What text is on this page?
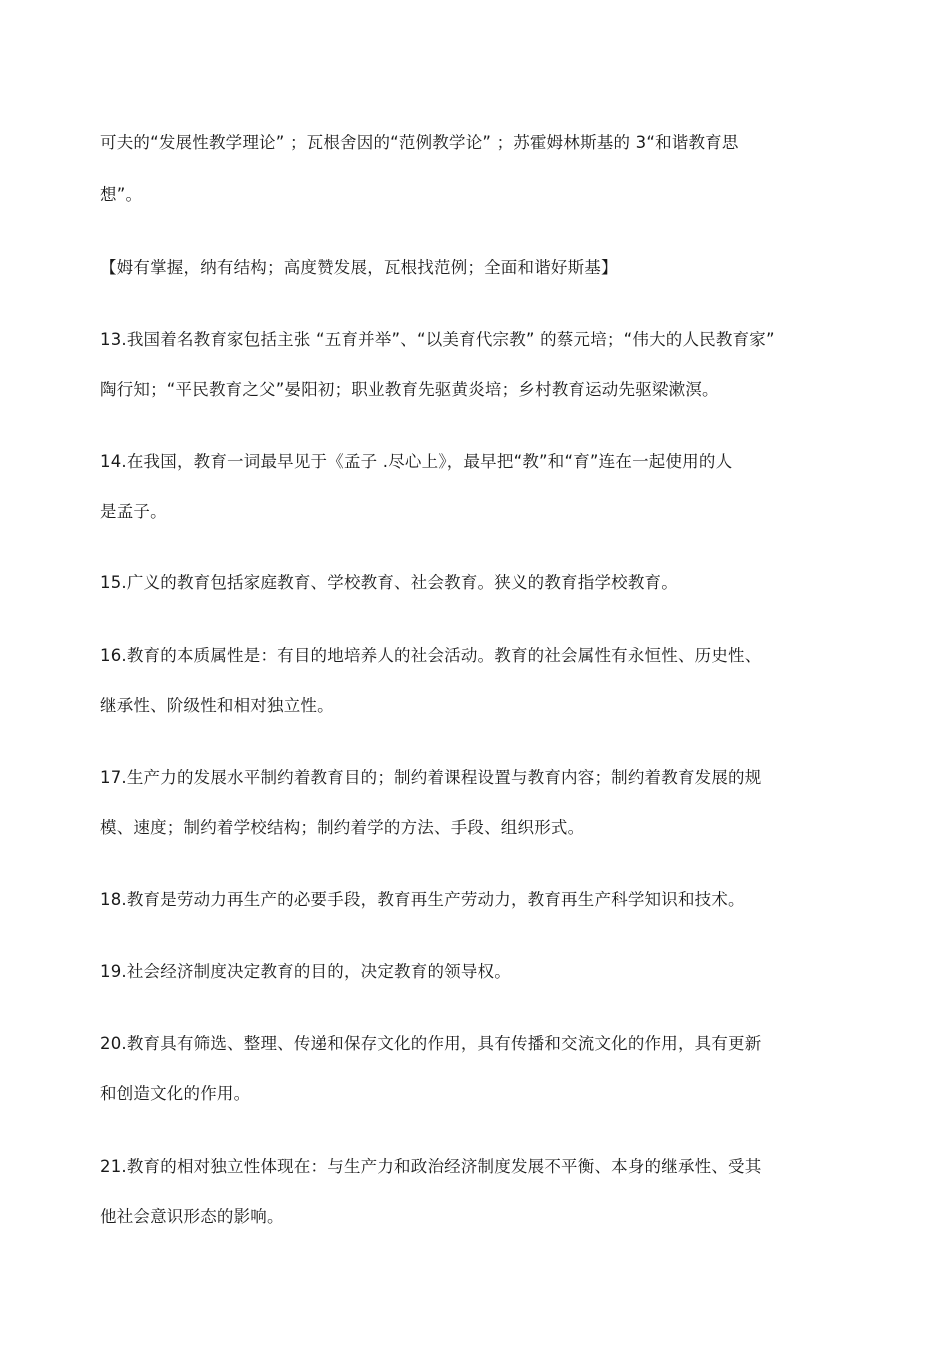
可夫的“发展性教学理论” ；瓦根舍因的“范例教学论” ；苏霍姆林斯基的 3“和谐教育思
想”。
【姆有掌握，纳有结构；高度赞发展，瓦根找范例；全面和谐好斯基】
13.我国着名教育家包括主张 “五育并举”、“以美育代宗教” 的蔡元培；“伟大的人民教育家”
陶行知；“平民教育之父”晏阳初；职业教育先驱黄炎培；乡村教育运动先驱梁漱溟。
14.在我国，教育一词最早见于《孟子 .尽心上》，最早把“教”和“育”连在一起使用的人
是孟子。
15.广义的教育包括家庭教育、学校教育、社会教育。狭义的教育指学校教育。
16.教育的本质属性是：有目的地培养人的社会活动。教育的社会属性有永恒性、历史性、
继承性、阶级性和相对独立性。
17.生产力的发展水平制约着教育目的；制约着课程设置与教育内容；制约着教育发展的规
模、速度；制约着学校结构；制约着学的方法、手段、组织形式。
18.教育是劳动力再生产的必要手段，教育再生产劳动力，教育再生产科学知识和技术。
19.社会经济制度决定教育的目的，决定教育的领导权。
20.教育具有筛选、整理、传递和保存文化的作用，具有传播和交流文化的作用，具有更新
和创造文化的作用。
21.教育的相对独立性体现在：与生产力和政治经济制度发展不平衡、本身的继承性、受其
他社会意识形态的影响。
